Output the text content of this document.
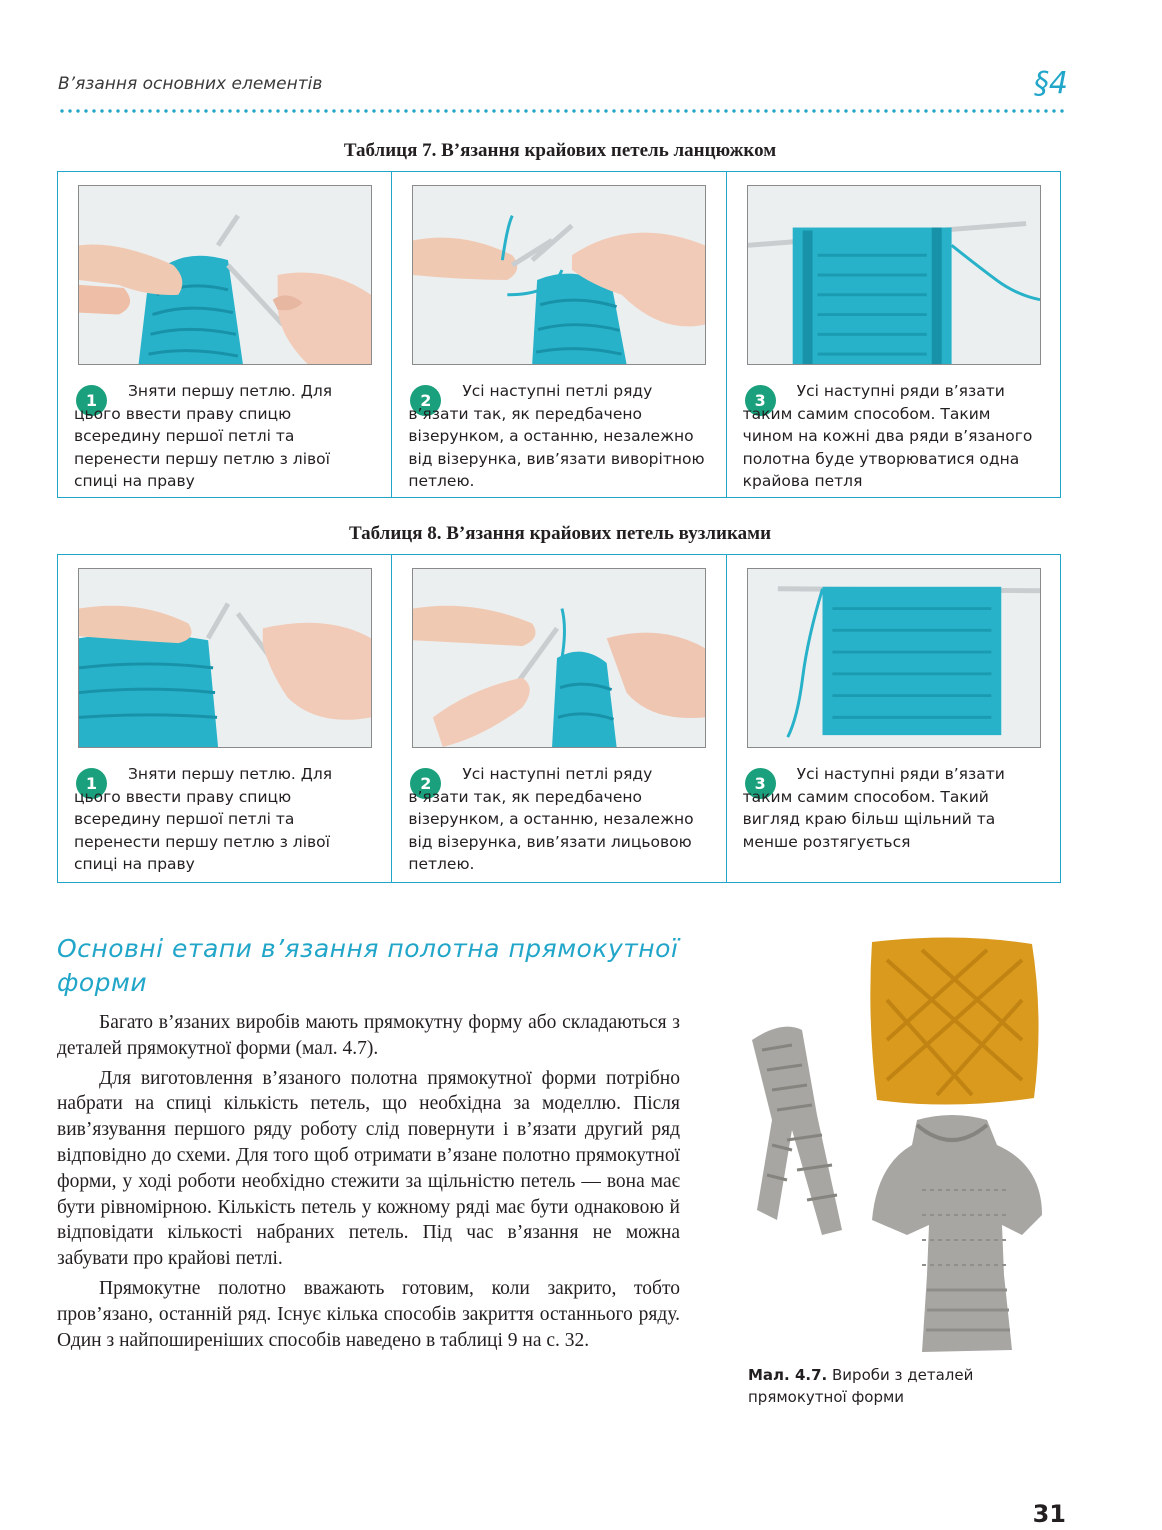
В’язання основних елементів	§4
Таблиця 7. В’язання крайових петель ланцюжком
1	Зняти першу петлю. Для цього ввести праву спицю всередину першої петлі та перенести першу петлю з лівої спиці на праву
2	Усі наступні петлі ряду в’язати так, як передбачено візерунком, а останню, незалежно від візерунка, вив’язати виворітною петлею.
3	Усі наступні ряди в’язати таким самим способом. Таким чином на кожні два ряди в’язаного полотна буде утворюватися одна крайова петля
Таблиця 8. В’язання крайових петель вузликами
1	Зняти першу петлю. Для цього ввести праву спицю всередину першої петлі та перенести першу петлю з лівої спиці на праву
2	Усі наступні петлі ряду в’язати так, як передбачено візерунком, а останню, незалежно від візерунка, вив’язати лицьовою петлею.
3	Усі наступні ряди в’язати таким самим способом. Такий вигляд краю більш щільний та менше розтягується
Основні етапи в’язання полотна прямокутної форми

Багато в’язаних виробів мають прямокутну форму або складаються з деталей прямокутної форми (мал. 4.7).

Для виготовлення в’язаного полотна прямокутної форми потрібно набрати на спиці кількість петель, що необхідна за моделлю. Після вив’язування першого ряду роботу слід повернути і в’язати другий ряд відповідно до схеми. Для того щоб отримати в’язане полотно прямокутної форми, у ході роботи необхідно стежити за щільністю петель — вона має бути рівномірною. Кількість петель у кожному ряді має бути однаковою й відповідати кількості набраних петель. Під час в’язання не можна забувати про крайові петлі.

Прямокутне полотно вважають готовим, коли закрито, тобто пров’язано, останній ряд. Існує кілька способів закриття останнього ряду. Один з найпоширеніших способів наведено в таблиці 9 на с. 32.

Мал. 4.7. Вироби з деталей прямокутної форми
31
